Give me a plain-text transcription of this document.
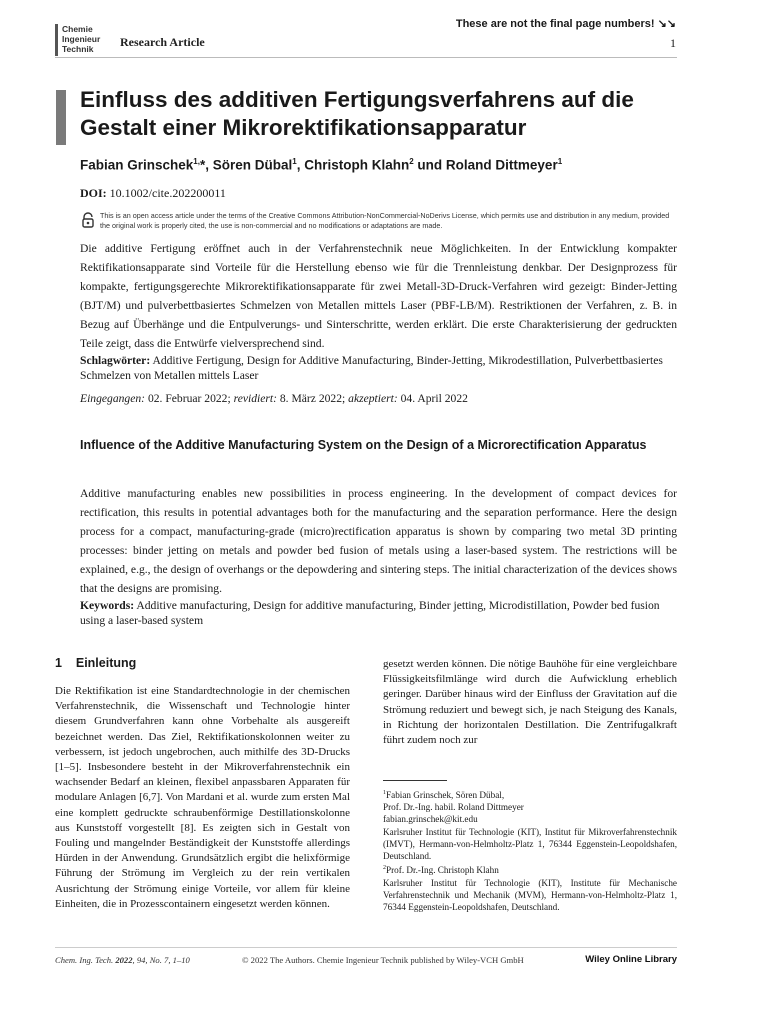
Chemie
Ingenieur
Technik	Research Article
These are not the final page numbers! ↘↘
1
Einfluss des additiven Fertigungsverfahrens auf die Gestalt einer Mikrorektifikationsapparatur
Fabian Grinschek$^{1,}$*, Sören Dübal$^1$, Christoph Klahn$^2$ und Roland Dittmeyer$^1$
DOI: 10.1002/cite.202200011
This is an open access article under the terms of the Creative Commons Attribution-NonCommercial-NoDerivs License, which permits use and distribution in any medium, provided the original work is properly cited, the use is non-commercial and no modifications or adaptations are made.

Die additive Fertigung eröffnet auch in der Verfahrenstechnik neue Möglichkeiten. In der Entwicklung kompakter Rektifikationsapparate sind Vorteile für die Herstellung ebenso wie für die Trennleistung denkbar. Der Designprozess für kompakte, fertigungsgerechte Mikrorektifikationsapparate für zwei Metall-3D-Druck-Verfahren wird gezeigt: Binder-Jetting (BJT/M) und pulverbettbasiertes Schmelzen von Metallen mittels Laser (PBF-LB/M). Restriktionen der Verfahren, z. B. in Bezug auf Überhänge und die Entpulverungs- und Sinterschritte, werden erklärt. Die erste Charakterisierung der gedruckten Teile zeigt, dass die Entwürfe vielversprechend sind.

Schlagwörter: Additive Fertigung, Design for Additive Manufacturing, Binder-Jetting, Mikrodestillation, Pulverbettbasiertes Schmelzen von Metallen mittels Laser
Eingegangen: 02. Februar 2022; revidiert: 8. März 2022; akzeptiert: 04. April 2022
Influence of the Additive Manufacturing System on the Design of a Microrectification Apparatus

Additive manufacturing enables new possibilities in process engineering. In the development of compact devices for rectification, this results in potential advantages both for the manufacturing and the separation performance. Here the design process for a compact, manufacturing-grade (micro)rectification apparatus is shown by comparing two metal 3D printing processes: binder jetting on metals and powder bed fusion of metals using a laser-based system. The restrictions will be explained, e.g., the design of overhangs or the depowdering and sintering steps. The initial characterization of the devices shows that the designs are promising.

Keywords: Additive manufacturing, Design for additive manufacturing, Binder jetting, Microdistillation, Powder bed fusion using a laser-based system
1 Einleitung

Die Rektifikation ist eine Standardtechnologie in der chemischen Verfahrenstechnik, die Wissenschaft und Technologie hinter diesem Grundverfahren kann ohne Vorbehalte als ausgereift bezeichnet werden. Das Ziel, Rektifikationskolonnen weiter zu verbessern, ist jedoch ungebrochen, auch mithilfe des 3D-Drucks [1–5]. Insbesondere besteht in der Mikroverfahrenstechnik ein wachsender Bedarf an kleinen, flexibel anpassbaren Apparaten für modulare Anlagen [6,7]. Von Mardani et al. wurde zum ersten Mal eine komplett gedruckte schraubenförmige Destillationskolonne aus Kunststoff vorgestellt [8]. Es zeigten sich in Gestalt von Fouling und mangelnder Beständigkeit der Kunststoffe allerdings Hürden in der Anwendung. Grundsätzlich ergibt die helixförmige Führung der Strömung im Vergleich zu der rein vertikalen Ausrichtung der Strömung einige Vorteile, vor allem für kleine Einheiten, die in Prozesscontainern eingesetzt werden können.

gesetzt werden können. Die nötige Bauhöhe für eine vergleichbare Flüssigkeitsfilmlänge wird durch die Aufwicklung erheblich geringer. Darüber hinaus wird der Einfluss der Gravitation auf die Strömung reduziert und bewegt sich, je nach Steigung des Kanals, in Richtung der horizontalen Destillation. Die Zentrifugalkraft führt zudem noch zur

$^1$Fabian Grinschek, Sören Dübal,
Prof. Dr.-Ing. habil. Roland Dittmeyer
fabian.grinschek@kit.edu
Karlsruher Institut für Technologie (KIT), Institut für Mikroverfahrenstechnik (IMVT), Hermann-von-Helmholtz-Platz 1, 76344 Eggenstein-Leopoldshafen, Deutschland.
$^2$Prof. Dr.-Ing. Christoph Klahn
Karlsruher Institut für Technologie (KIT), Institute für Mechanische Verfahrenstechnik und Mechanik (MVM), Hermann-von-Helmholtz-Platz 1, 76344 Eggenstein-Leopoldshafen, Deutschland.
Chem. Ing. Tech. 2022, 94, No. 7, 1–10	© 2022 The Authors. Chemie Ingenieur Technik published by Wiley-VCH GmbH	Wiley Online Library
